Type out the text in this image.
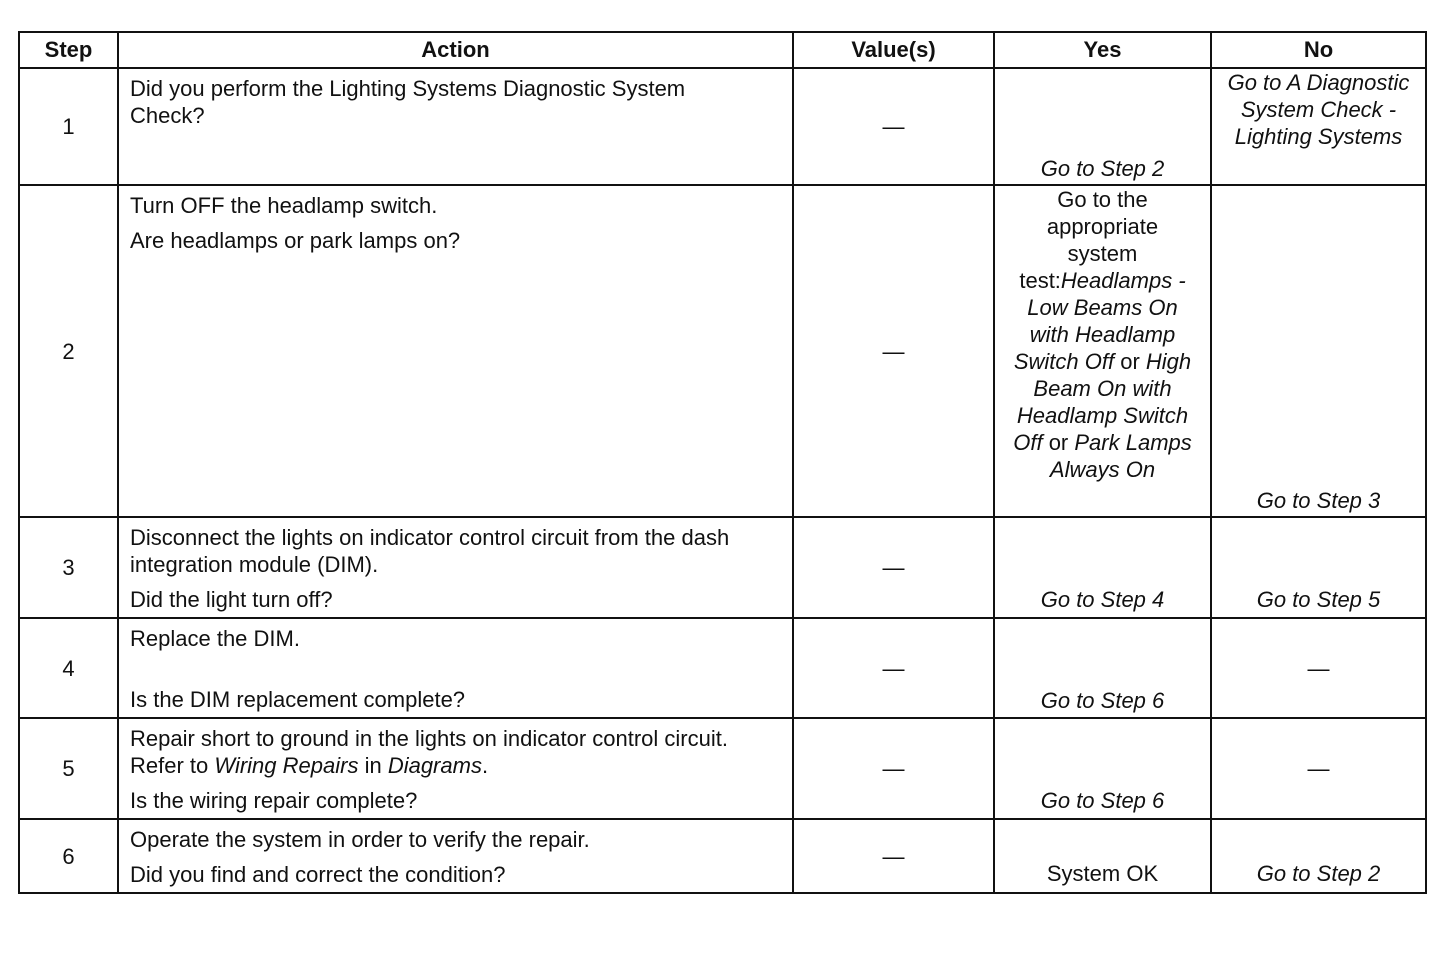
Step	Action	Value(s)	Yes	No
1	Did you perform the Lighting Systems Diagnostic System Check?	—	Go to Step 2	Go to A Diagnostic System Check - Lighting Systems

2	Turn OFF the headlamp switch.
Are headlamps or park lamps on?	—	Go to the appropriate system test:Headlamps - Low Beams On with Headlamp Switch Off or High Beam On with Headlamp Switch Off or Park Lamps Always On	Go to Step 3

3	Disconnect the lights on indicator control circuit from the dash integration module (DIM).
Did the light turn off?	—	Go to Step 4	Go to Step 5

4	Replace the DIM.
Is the DIM replacement complete?	—	Go to Step 6	—
5	Repair short to ground in the lights on indicator control circuit. Refer to Wiring Repairs in Diagrams.
Is the wiring repair complete?	—	Go to Step 6	—
6	Operate the system in order to verify the repair.
Did you find and correct the condition?	—	System OK	Go to Step 2
